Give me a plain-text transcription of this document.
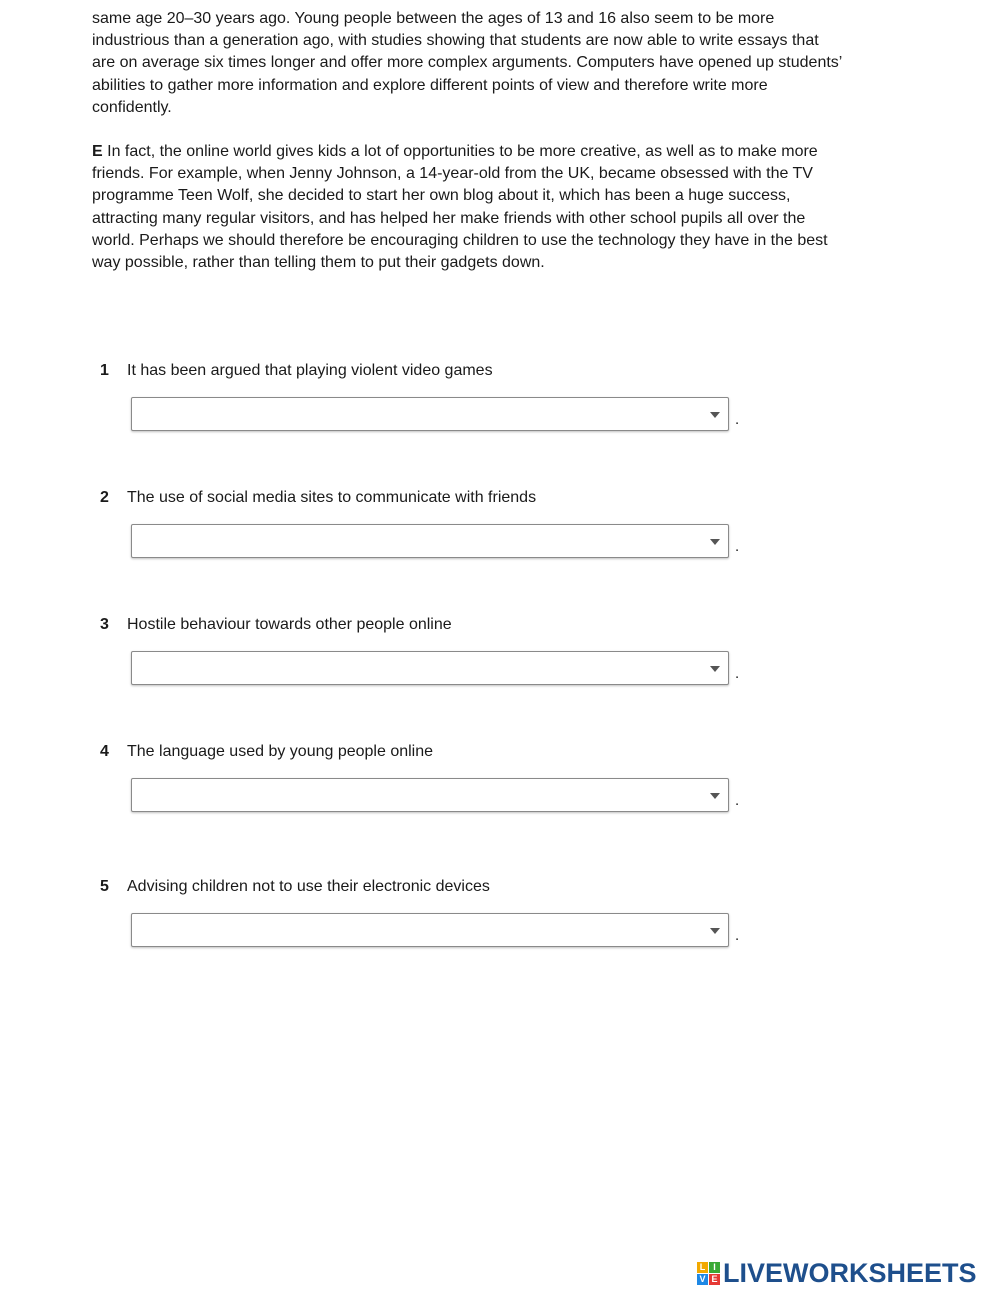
same age 20–30 years ago. Young people between the ages of 13 and 16 also seem to be more
industrious than a generation ago, with studies showing that students are now able to write essays that
are on average six times longer and offer more complex arguments. Computers have opened up students’
abilities to gather more information and explore different points of view and therefore write more
confidently.

E In fact, the online world gives kids a lot of opportunities to be more creative, as well as to make more
friends. For example, when Jenny Johnson, a 14-year-old from the UK, became obsessed with the TV
programme Teen Wolf, she decided to start her own blog about it, which has been a huge success,
attracting many regular visitors, and has helped her make friends with other school pupils all over the
world. Perhaps we should therefore be encouraging children to use the technology they have in the best
way possible, rather than telling them to put their gadgets down.

1 It has been argued that playing violent video games
.
2 The use of social media sites to communicate with friends
.
3 Hostile behaviour towards other people online
.
4 The language used by young people online
.
5 Advising children not to use their electronic devices
.
L I
V E LIVEWORKSHEETS
